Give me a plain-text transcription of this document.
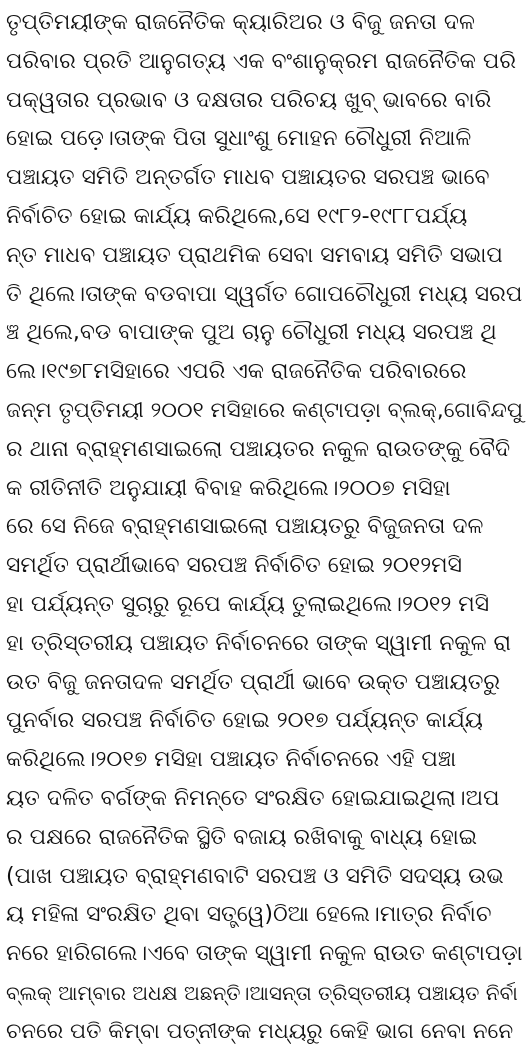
ତୃପ୍ତିମୟୀଙ୍କ ରାଜନୈତିକ କ୍ୟାରିଅର ଓ ବିଜୁ ଜନତା ଦଳ
ପରିବାର ପ୍ରତି ଆନୁଗତ୍ୟ ଏକ ବଂଶାନୁକ୍ରମ ରାଜନୈତିକ ପରି
ପକ୍ୱତାର ପ୍ରଭାବ ଓ ଦକ୍ଷତାର ପରିଚୟ ଖୁବ୍ ଭାବରେ ବାରି
ହୋଇ ପଡ଼େ।ତାଙ୍କ ପିତା ସୁଧାଂଶୁ ମୋହନ ଚୌଧୁରୀ ନିଆଳି
ପଞ୍ଚାୟତ ସମିତି ଅନ୍ତର୍ଗତ ମାଧବ ପଞ୍ଚାୟତର ସରପଞ୍ଚ ଭାବେ
ନିର୍ବାଚିତ ହୋଇ କାର୍ଯ୍ୟ କରିଥିଲେ,ସେ ୧୯୮୨-୧୯୮୮ପର୍ଯ୍ୟ
ନ୍ତ ମାଧବ ପଞ୍ଚାୟତ ପ୍ରାଥମିକ ସେବା ସମବାୟ ସମିତି ସଭାପ
ତି ଥିଲେ।ତାଙ୍କ ବଡବାପା ସ୍ୱର୍ଗତ ଗୋପଚୌଧୁରୀ ମଧ୍ୟ ସରପ
ଞ୍ଚ ଥିଲେ,ବଡ ବାପାଙ୍କ ପୁଅ ଚାନୁ ଚୌଧୁରୀ ମଧ୍ୟ ସରପଞ୍ଚ ଥି
ଲେ।୧୯୭୮ମସିହାରେ ଏପରି ଏକ ରାଜନୈତିକ ପରିବାରରେ
ଜନ୍ମ ତୃପ୍ତିମୟୀ ୨୦୦୧ ମସିହାରେ କଣ୍ଟାପଡ଼ା ବ୍ଲକ୍,ଗୋବିନ୍ଦପୁ
ର ଥାନା ବ୍ରାହ୍ମଣସାଇଲୋ ପଞ୍ଚାୟତର ନକୁଳ ରାଉତଙ୍କୁ ବୈଦି
କ ରୀତିନୀତି ଅନୁଯାୟୀ ବିବାହ କରିଥିଲେ।୨୦୦୭ ମସିହା
ରେ ସେ ନିଜେ ବ୍ରାହ୍ମଣସାଇଲୋ ପଞ୍ଚାୟତରୁ ବିଜୁଜନତା ଦଳ
ସମର୍ଥିତ ପ୍ରାର୍ଥୀଭାବେ ସରପଞ୍ଚ ନିର୍ବାଚିତ ହୋଇ ୨୦୧୨ମସି
ହା ପର୍ଯ୍ୟନ୍ତ ସୁଚାରୁ ରୂପେ କାର୍ଯ୍ୟ ତୁଲାଇଥିଲେ।୨୦୧୨ ମସି
ହା ତ୍ରିସ୍ତରୀୟ ପଞ୍ଚାୟତ ନିର୍ବାଚନରେ ତାଙ୍କ ସ୍ୱାମୀ ନକୁଳ ରା
ଉତ ବିଜୁ ଜନତାଦଳ ସମର୍ଥିତ ପ୍ରାର୍ଥୀ ଭାବେ ଉକ୍ତ ପଞ୍ଚାୟତରୁ
ପୁନର୍ବାର ସରପଞ୍ଚ ନିର୍ବାଚିତ ହୋଇ ୨୦୧୭ ପର୍ଯ୍ୟନ୍ତ କାର୍ଯ୍ୟ
କରିଥିଲେ।୨୦୧୭ ମସିହା ପଞ୍ଚାୟତ ନିର୍ବାଚନରେ ଏହି ପଞ୍ଚା
ୟତ ଦଳିତ ବର୍ଗଙ୍କ ନିମନ୍ତେ ସଂରକ୍ଷିତ ହୋଇଯାଇଥିଲା।ଅପ
ର ପକ୍ଷରେ ରାଜନୈତିକ ସ୍ଥିତି ବଜାୟ ରଖିବାକୁ ବାଧ୍ୟ ହୋଇ
(ପାଖ ପଞ୍ଚାୟତ ବ୍ରାହ୍ମଣବାଟି ସରପଞ୍ଚ ଓ ସମିତି ସଦସ୍ୟ ଉଭ
ୟ ମହିଳା ସଂରକ୍ଷିତ ଥିବା ସତ୍ତ୍ୱେ)ଠିଆ ହେଲେ।ମାତ୍ର ନିର୍ବାଚ
ନରେ ହାରିଗଲେ।ଏବେ ତାଙ୍କ ସ୍ୱାମୀ ନକୁଳ ରାଉତ କଣ୍ଟାପଡ଼ା
ବ୍ଲକ୍ ଆମ୍ବାର ଅଧକ୍ଷ ଅଛନ୍ତି।ଆସନ୍ତା ତ୍ରିସ୍ତରୀୟ ପଞ୍ଚାୟତ ନିର୍ବା
ଚନରେ ପତି କିମ୍ବା ପତ୍ନୀଙ୍କ ମଧ୍ୟରୁ କେହି ଭାଗ ନେବା ନନେ
